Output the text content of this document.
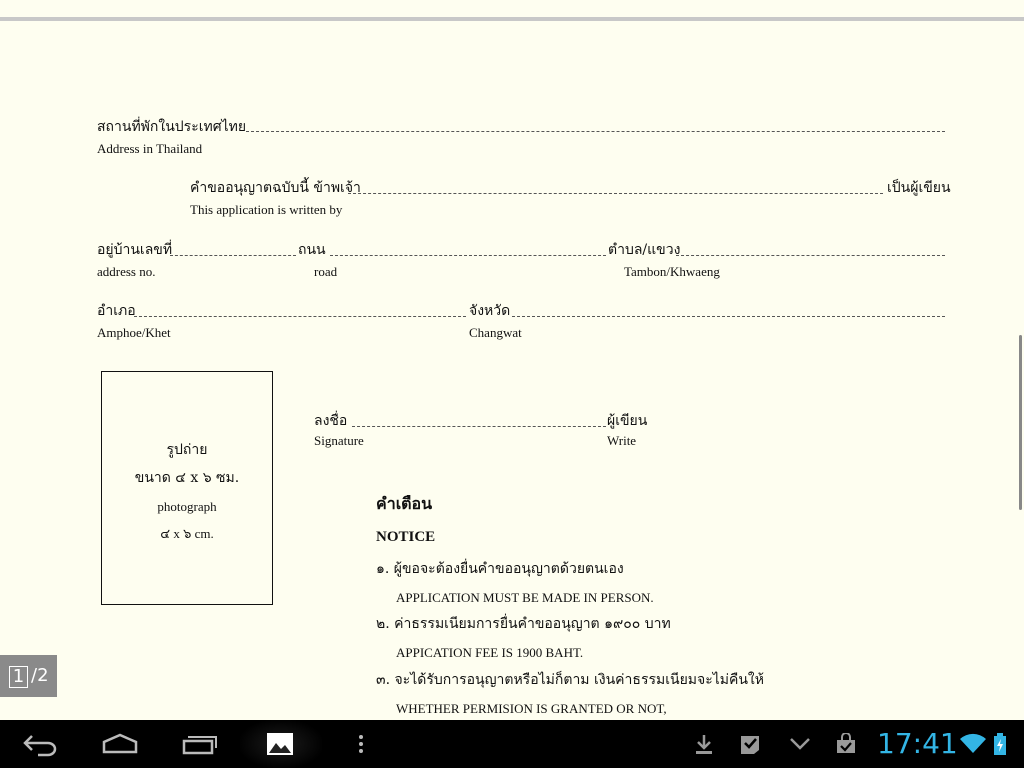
สถานที่พักในประเทศไทย
Address in Thailand
คำขออนุญาตฉบับนี้ ข้าพเจ้า	เป็นผู้เขียน
This application is written by
อยู่บ้านเลขที่	ถนน	ตำบล/แขวง
address no.	road	Tambon/Khwaeng
อำเภอ	จังหวัด
Amphoe/Khet	Changwat
รูปถ่าย
ขนาด ๔ x ๖ ซม.
photograph
๔ x ๖ cm.
ลงชื่อ	ผู้เขียน
Signature	Write
คำเตือน
NOTICE
๑. ผู้ขอจะต้องยื่นคำขออนุญาตด้วยตนเอง
APPLICATION MUST BE MADE IN PERSON.
๒. ค่าธรรมเนียมการยื่นคำขออนุญาต ๑๙๐๐ บาท
APPICATION FEE IS 1900 BAHT.
๓. จะได้รับการอนุญาตหรือไม่ก็ตาม เงินค่าธรรมเนียมจะไม่คืนให้
WHETHER PERMISION IS GRANTED OR NOT,
1 /2
17:41
